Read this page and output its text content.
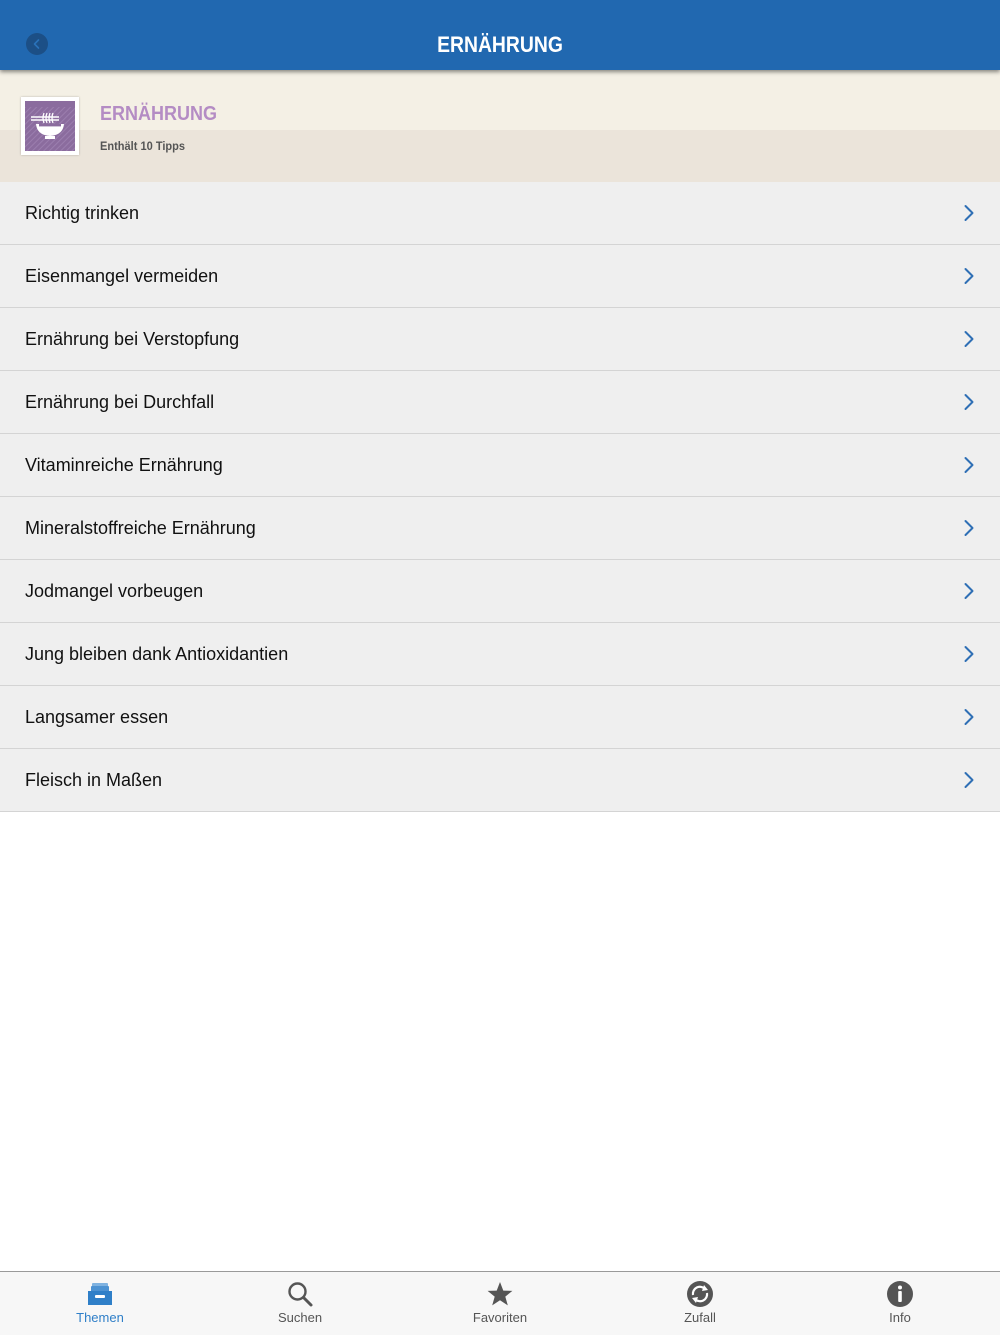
ERNÄHRUNG
ERNÄHRUNG
Enthält 10 Tipps
Richtig trinken
Eisenmangel vermeiden
Ernährung bei Verstopfung
Ernährung bei Durchfall
Vitaminreiche Ernährung
Mineralstoffreiche Ernährung
Jodmangel vorbeugen
Jung bleiben dank Antioxidantien
Langsamer essen
Fleisch in Maßen
Themen	Suchen	Favoriten	Zufall	Info
